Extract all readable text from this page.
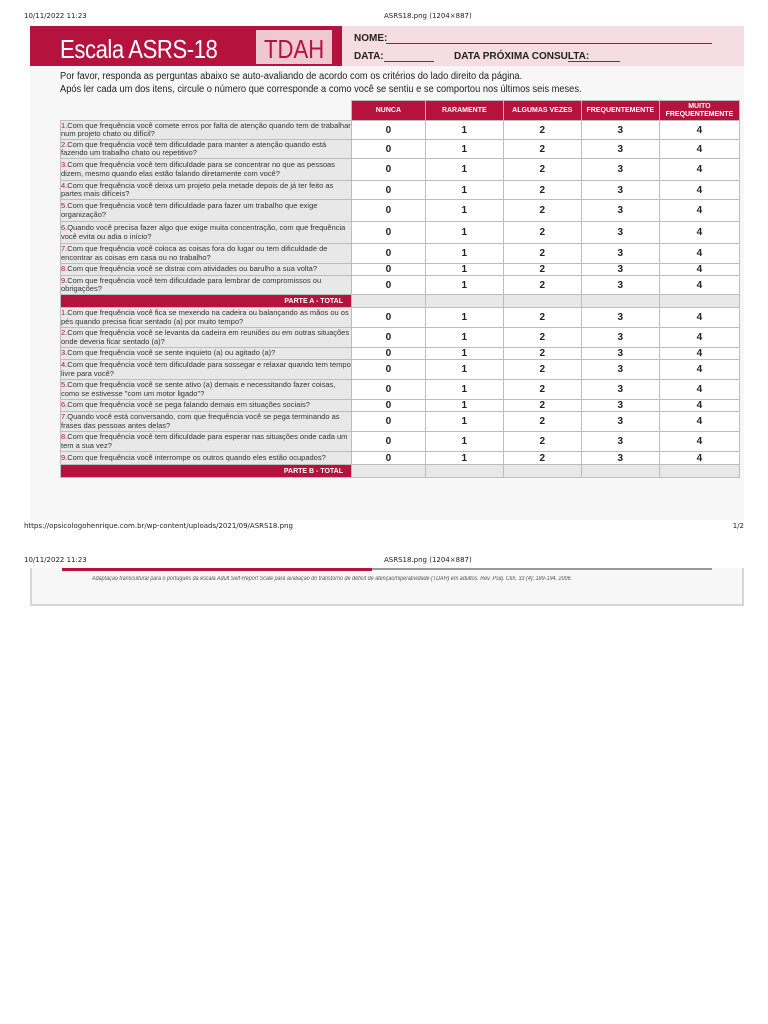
10/11/2022 11:23	ASRS18.png (1204×887)
Escala ASRS-18 TDAH	NOME:
DATA:	DATA PRÓXIMA CONSULTA:
Por favor, responda as perguntas abaixo se auto-avaliando de acordo com os critérios do lado direito da página.
Após ler cada um dos itens, circule o número que corresponde a como você se sentiu e se comportou nos últimos seis meses.
	NUNCA	RARAMENTE	ALGUMAS VEZES	FREQUENTEMENTE	MUITO FREQUENTEMENTE
1.Com que frequência você comete erros por falta de atenção quando tem de trabalhar num projeto chato ou difícil?	0	1	2	3	4
2.Com que frequência você tem dificuldade para manter a atenção quando está fazendo um trabalho chato ou repetitivo?	0	1	2	3	4
3.Com que frequência você tem dificuldade para se concentrar no que as pessoas dizem, mesmo quando elas estão falando diretamente com você?	0	1	2	3	4
4.Com que frequência você deixa um projeto pela metade depois de já ter feito as partes mais difíceis?	0	1	2	3	4
5.Com que frequência você tem dificuldade para fazer um trabalho que exige organização?	0	1	2	3	4
6.Quando você precisa fazer algo que exige muita concentração, com que frequência você evita ou adia o início?	0	1	2	3	4
7.Com que frequência você coloca as coisas fora do lugar ou tem dificuldade de encontrar as coisas em casa ou no trabalho?	0	1	2	3	4
8.Com que frequência você se distrai com atividades ou barulho a sua volta?	0	1	2	3	4
9.Com que frequência você tem dificuldade para lembrar de compromissos ou obrigações?	0	1	2	3	4
PARTE A - TOTAL					
1.Com que frequência você fica se mexendo na cadeira ou balançando as mãos ou os pés quando precisa ficar sentado (a) por muito tempo?	0	1	2	3	4
2.Com que frequência você se levanta da cadeira em reuniões ou em outras situações onde deveria ficar sentado (a)?	0	1	2	3	4
3.Com que frequência você se sente inquieto (a) ou agitado (a)?	0	1	2	3	4
4.Com que frequência você tem dificuldade para sossegar e relaxar quando tem tempo livre para você?	0	1	2	3	4
5.Com que frequência você se sente ativo (a) demais e necessitando fazer coisas, como se estivesse "com um motor ligado"?	0	1	2	3	4
6.Com que frequência você se pega falando demais em situações sociais?	0	1	2	3	4
7.Quando você está conversando, com que frequência você se pega terminando as frases das pessoas antes delas?	0	1	2	3	4
8.Com que frequência você tem dificuldade para esperar nas situações onde cada um tem a sua vez?	0	1	2	3	4
9.Com que frequência você interrompe os outros quando eles estão ocupados?	0	1	2	3	4
PARTE B - TOTAL					
https://opsicologohenrique.com.br/wp-content/uploads/2021/09/ASRS18.png	1/2
10/11/2022 11:23	ASRS18.png (1204×887)
Adaptação transcultural para o português da escala Adult Self-Report Scale para avaliação do transtorno de déficit de atenção/hiperatividade (TDAH) em adultos. Rev. Psiq. Clín. 33 (4); 189-194, 2006.
